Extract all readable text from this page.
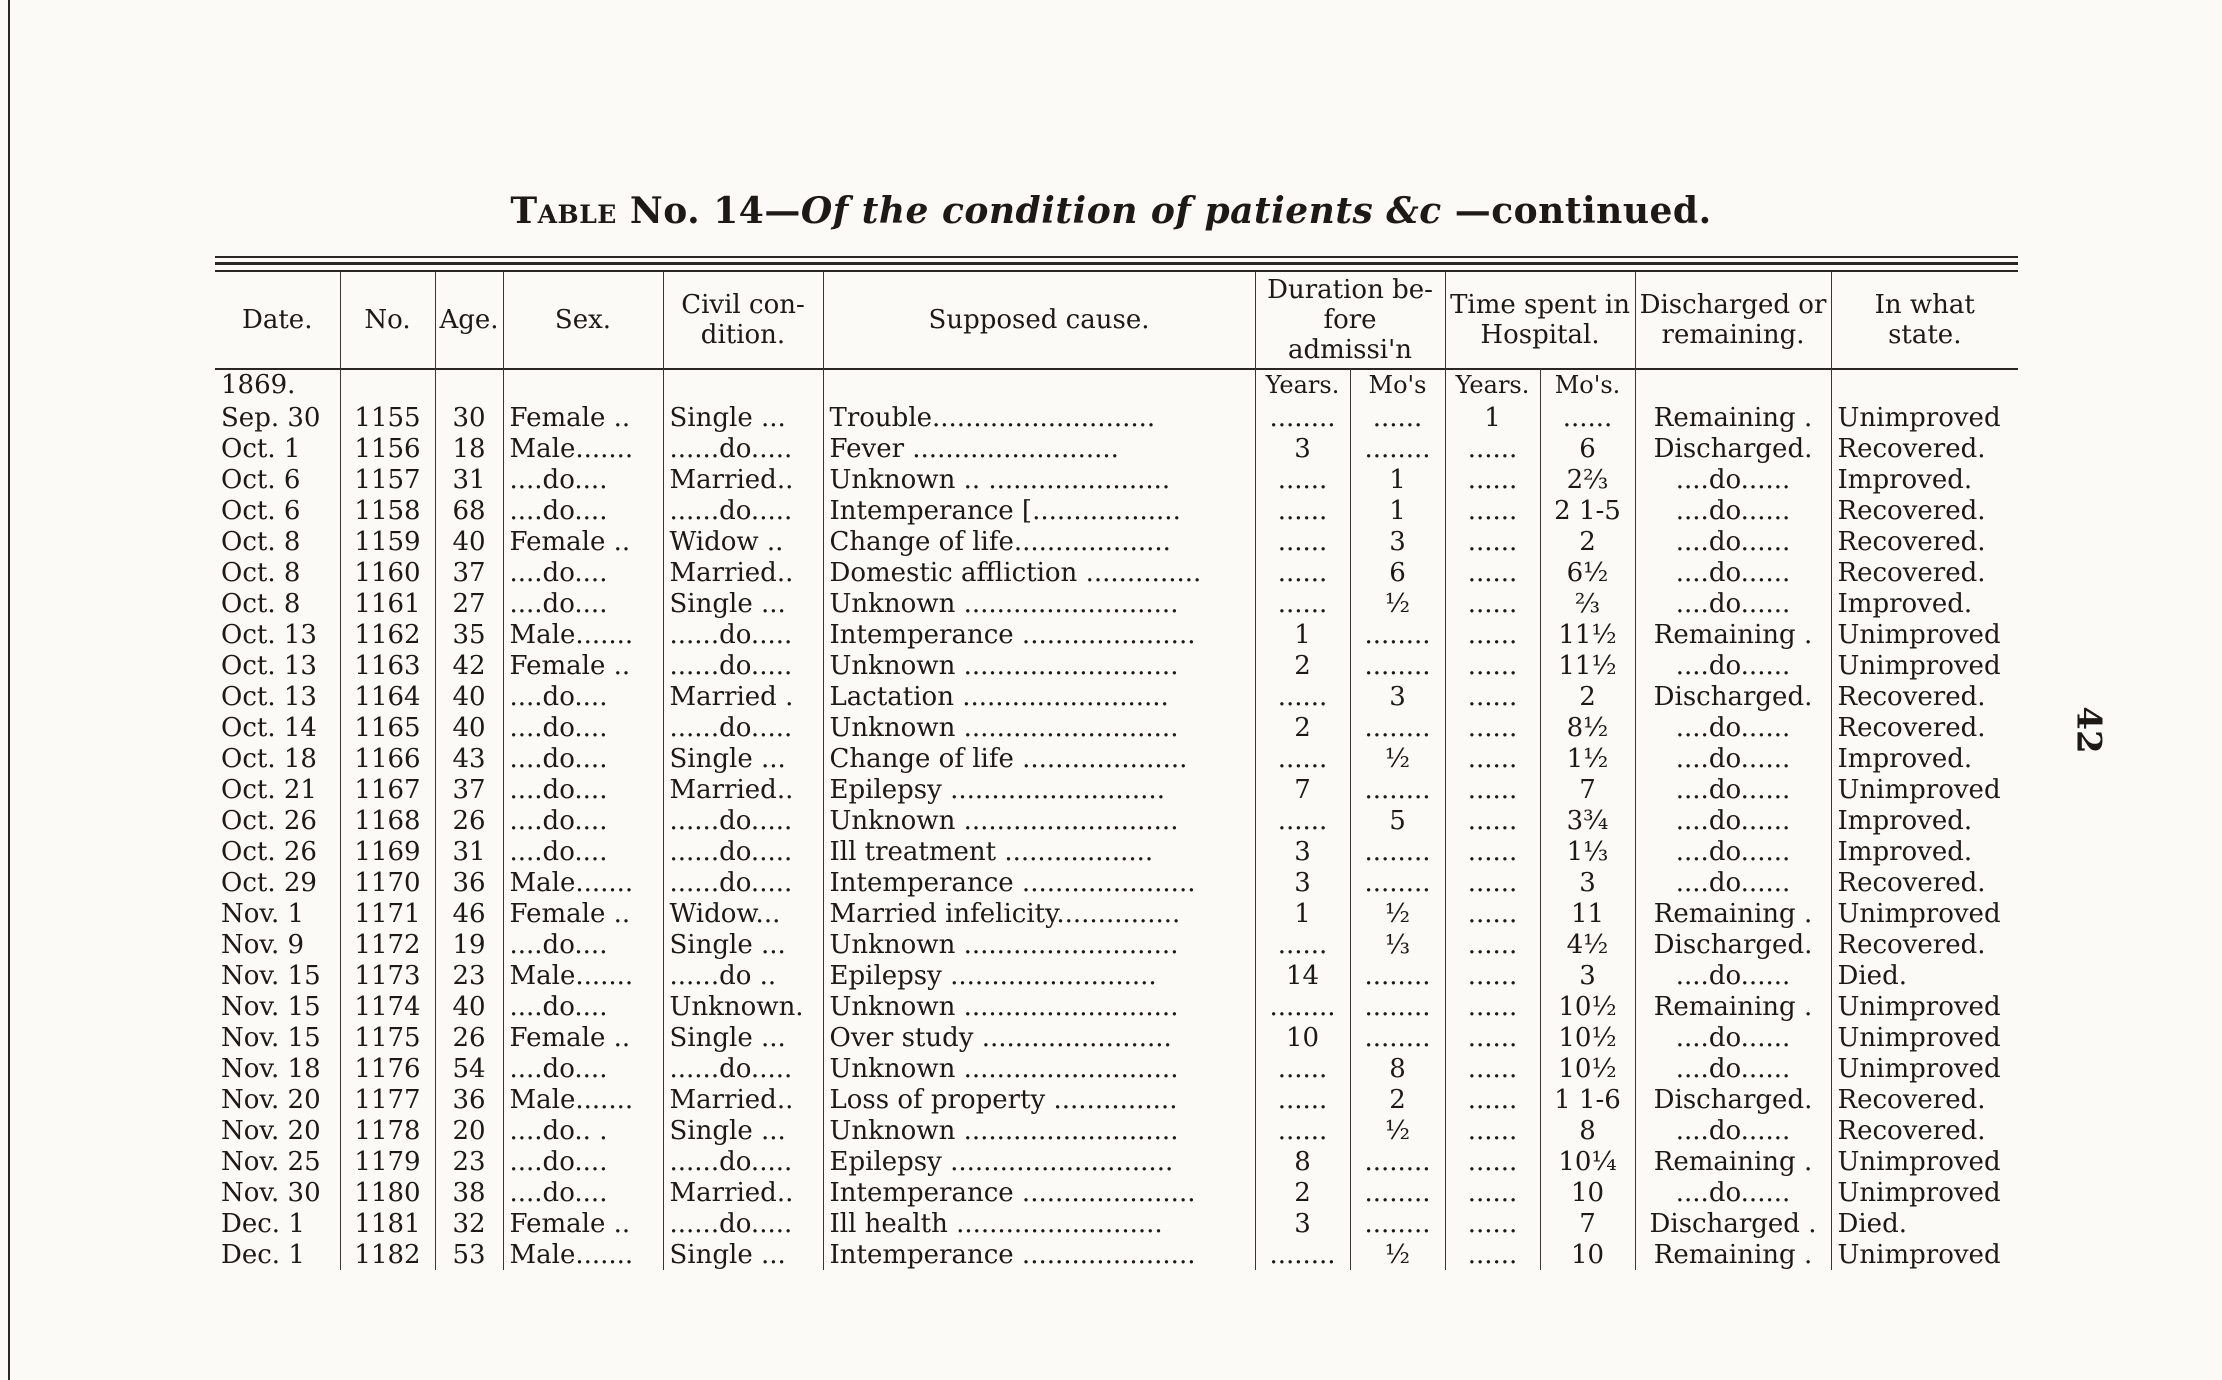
Table No. 14—Of the condition of patients &c —continued.
Date.	No.	Age.	Sex.	Civil con-dition.	Supposed cause.	Duration be-fore admissi'n		Time spent in Hospital.		Discharged or remaining.	In what state.
1869.						Years.	Mo's	Years.	Mo's.		
Sep. 30	1155	30	Female ..	Single ...	Trouble...........................	........	......	1	......	Remaining .	Unimproved
Oct. 1	1156	18	Male.......	......do.....	Fever .........................	3	........	......	6	Discharged.	Recovered.
Oct. 6	1157	31	....do....	Married..	Unknown .. ......................	......	1	......	2⅔	....do......	Improved.
Oct. 6	1158	68	....do....	......do.....	Intemperance [..................	......	1	......	2 1-5	....do......	Recovered.
Oct. 8	1159	40	Female ..	Widow ..	Change of life...................	......	3	......	2	....do......	Recovered.
Oct. 8	1160	37	....do....	Married..	Domestic affliction ..............	......	6	......	6½	....do......	Recovered.
Oct. 8	1161	27	....do....	Single ...	Unknown ..........................	......	½	......	⅔	....do......	Improved.
Oct. 13	1162	35	Male.......	......do.....	Intemperance .....................	1	........	......	11½	Remaining .	Unimproved
Oct. 13	1163	42	Female ..	......do.....	Unknown ..........................	2	........	......	11½	....do......	Unimproved
Oct. 13	1164	40	....do....	Married .	Lactation .........................	......	3	......	2	Discharged.	Recovered.
Oct. 14	1165	40	....do....	......do.....	Unknown ..........................	2	........	......	8½	....do......	Recovered.
Oct. 18	1166	43	....do....	Single ...	Change of life ....................	......	½	......	1½	....do......	Improved.
Oct. 21	1167	37	....do....	Married..	Epilepsy ..........................	7	........	......	7	....do......	Unimproved
Oct. 26	1168	26	....do....	......do.....	Unknown ..........................	......	5	......	3¾	....do......	Improved.
Oct. 26	1169	31	....do....	......do.....	Ill treatment ..................	3	........	......	1⅓	....do......	Improved.
Oct. 29	1170	36	Male.......	......do.....	Intemperance .....................	3	........	......	3	....do......	Recovered.
Nov. 1	1171	46	Female ..	Widow...	Married infelicity...............	1	½	......	11	Remaining .	Unimproved
Nov. 9	1172	19	....do....	Single ...	Unknown ..........................	......	⅓	......	4½	Discharged.	Recovered.
Nov. 15	1173	23	Male.......	......do ..	Epilepsy .........................	14	........	......	3	....do......	Died.
Nov. 15	1174	40	....do....	Unknown.	Unknown ..........................	........	........	......	10½	Remaining .	Unimproved
Nov. 15	1175	26	Female ..	Single ...	Over study .......................	10	........	......	10½	....do......	Unimproved
Nov. 18	1176	54	....do....	......do.....	Unknown ..........................	......	8	......	10½	....do......	Unimproved
Nov. 20	1177	36	Male.......	Married..	Loss of property ...............	......	2	......	1 1-6	Discharged.	Recovered.
Nov. 20	1178	20	....do.. .	Single ...	Unknown ..........................	......	½	......	8	....do......	Recovered.
Nov. 25	1179	23	....do....	......do.....	Epilepsy ...........................	8	........	......	10¼	Remaining .	Unimproved
Nov. 30	1180	38	....do....	Married..	Intemperance .....................	2	........	......	10	....do......	Unimproved
Dec. 1	1181	32	Female ..	......do.....	Ill health .........................	3	........	......	7	Discharged .	Died.
Dec. 1	1182	53	Male.......	Single ...	Intemperance .....................	........	½	......	10	Remaining .	Unimproved
42
